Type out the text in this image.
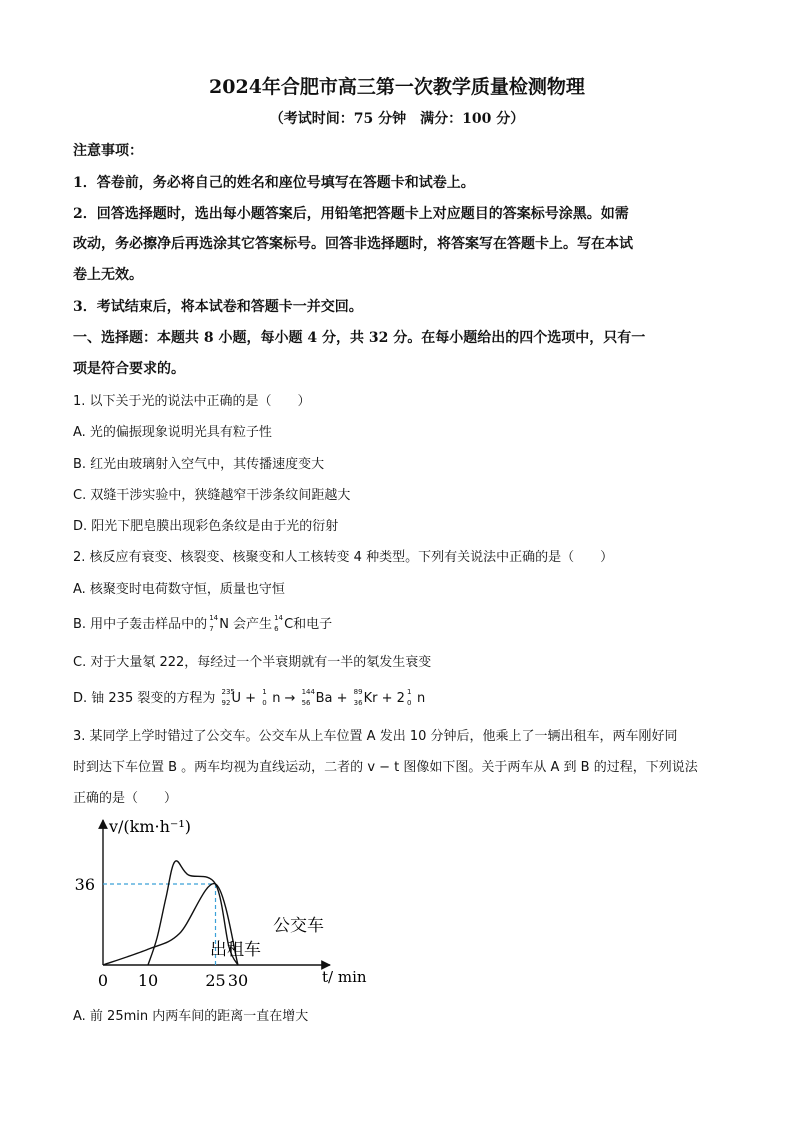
2024年合肥市高三第一次教学质量检测物理
（考试时间：75 分钟　满分：100 分）
注意事项：
1．答卷前，务必将自己的姓名和座位号填写在答题卡和试卷上。
2．回答选择题时，选出每小题答案后，用铅笔把答题卡上对应题目的答案标号涂黑。如需
改动，务必擦净后再选涂其它答案标号。回答非选择题时，将答案写在答题卡上。写在本试
卷上无效。
3．考试结束后，将本试卷和答题卡一并交回。
一、选择题：本题共 8 小题，每小题 4 分，共 32 分。在每小题给出的四个选项中，只有一
项是符合要求的。
1. 以下关于光的说法中正确的是（　　）
A. 光的偏振现象说明光具有粒子性
B. 红光由玻璃射入空气中，其传播速度变大
C. 双缝干涉实验中，狭缝越窄干涉条纹间距越大
D. 阳光下肥皂膜出现彩色条纹是由于光的衍射
2. 核反应有衰变、核裂变、核聚变和人工核转变 4 种类型。下列有关说法中正确的是（　　）
A. 核聚变时电荷数守恒，质量也守恒
B. 用中子轰击样品中的 14
7 N 会产生 14
6 C和电子
C. 对于大量氡 222，每经过一个半衰期就有一半的氡发生衰变
D. 铀 235 裂变的方程为 235
92 U + 1
0 n → 144
56 Ba + 89
36 Kr + 2 1
0 n
3. 某同学上学时错过了公交车。公交车从上车位置 A 发出 10 分钟后，他乘上了一辆出租车，两车刚好同
时到达下车位置 B 。两车均视为直线运动，二者的 v − t 图像如下图。关于两车从 A 到 B 的过程，下列说法
正确的是（　　）
v/(km·h⁻¹)
t/ min
36
0 10	25 30
公交车
出租车
A. 前 25min 内两车间的距离一直在增大
